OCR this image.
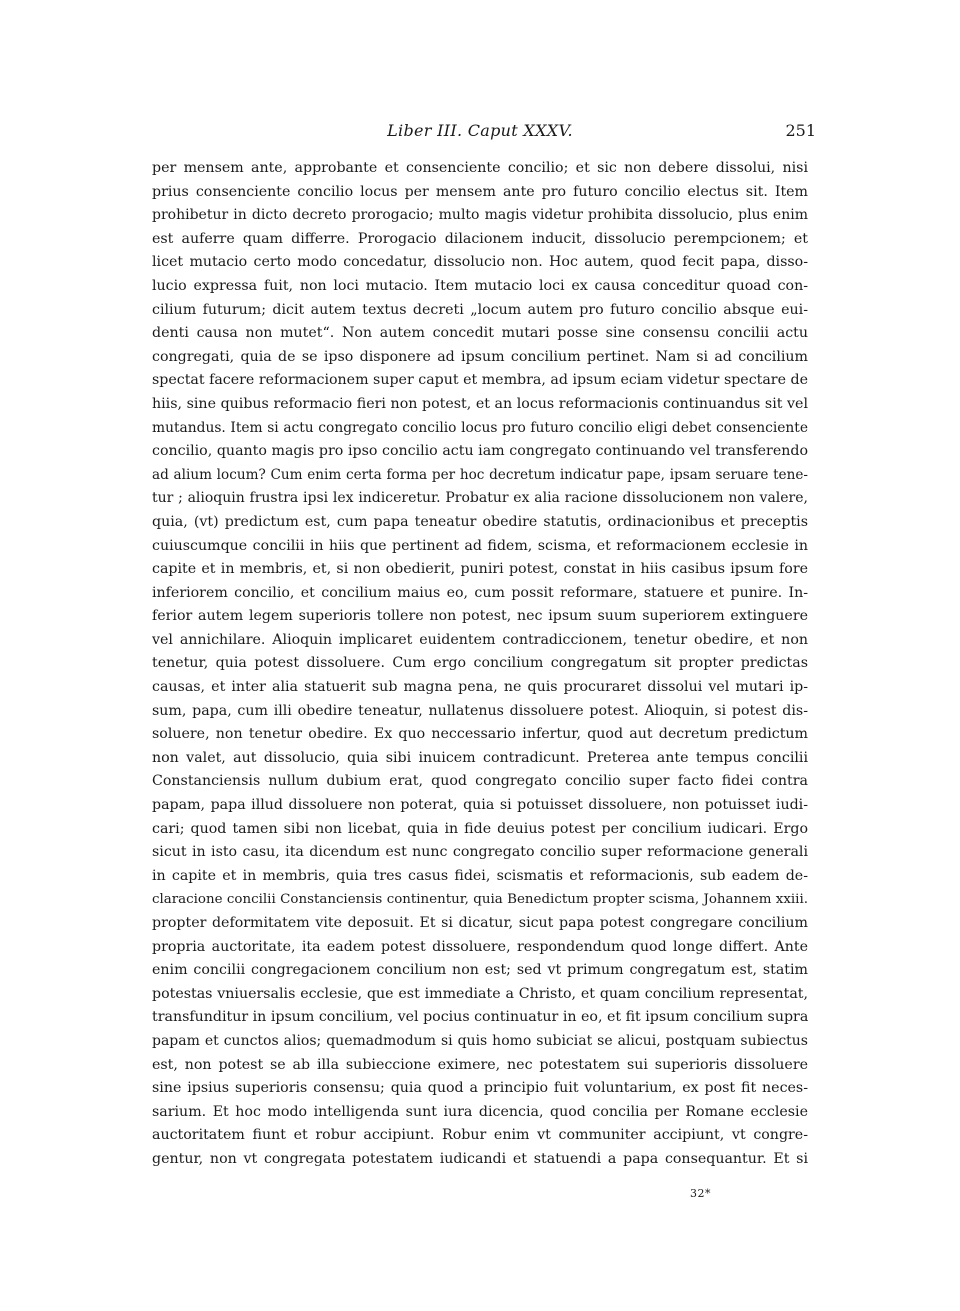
Liber III. Caput XXXV.	251
per mensem ante, approbante et consenciente concilio; et sic non debere dissolui, nisi
prius consenciente concilio locus per mensem ante pro futuro concilio electus sit. Item
prohibetur in dicto decreto prorogacio; multo magis videtur prohibita dissolucio, plus enim
est auferre quam differre. Prorogacio dilacionem inducit, dissolucio perempcionem; et
licet mutacio certo modo concedatur, dissolucio non. Hoc autem, quod fecit papa, disso-
lucio expressa fuit, non loci mutacio. Item mutacio loci ex causa conceditur quoad con-
cilium futurum; dicit autem textus decreti „locum autem pro futuro concilio absque eui-
denti causa non mutet“. Non autem concedit mutari posse sine consensu concilii actu
congregati, quia de se ipso disponere ad ipsum concilium pertinet. Nam si ad concilium
spectat facere reformacionem super caput et membra, ad ipsum eciam videtur spectare de
hiis, sine quibus reformacio fieri non potest, et an locus reformacionis continuandus sit vel
mutandus. Item si actu congregato concilio locus pro futuro concilio eligi debet consenciente
concilio, quanto magis pro ipso concilio actu iam congregato continuando vel transferendo
ad alium locum? Cum enim certa forma per hoc decretum indicatur pape, ipsam seruare tene-
tur ; alioquin frustra ipsi lex indiceretur. Probatur ex alia racione dissolucionem non valere,
quia, (vt) predictum est, cum papa teneatur obedire statutis, ordinacionibus et preceptis
cuiuscumque concilii in hiis que pertinent ad fidem, scisma, et reformacionem ecclesie in
capite et in membris, et, si non obedierit, puniri potest, constat in hiis casibus ipsum fore
inferiorem concilio, et concilium maius eo, cum possit reformare, statuere et punire. In-
ferior autem legem superioris tollere non potest, nec ipsum suum superiorem extinguere
vel annichilare. Alioquin implicaret euidentem contradiccionem, tenetur obedire, et non
tenetur, quia potest dissoluere. Cum ergo concilium congregatum sit propter predictas
causas, et inter alia statuerit sub magna pena, ne quis procuraret dissolui vel mutari ip-
sum, papa, cum illi obedire teneatur, nullatenus dissoluere potest. Alioquin, si potest dis-
soluere, non tenetur obedire. Ex quo neccessario infertur, quod aut decretum predictum
non valet, aut dissolucio, quia sibi inuicem contradicunt. Preterea ante tempus concilii
Constanciensis nullum dubium erat, quod congregato concilio super facto fidei contra
papam, papa illud dissoluere non poterat, quia si potuisset dissoluere, non potuisset iudi-
cari; quod tamen sibi non licebat, quia in fide deuius potest per concilium iudicari. Ergo
sicut in isto casu, ita dicendum est nunc congregato concilio super reformacione generali
in capite et in membris, quia tres casus fidei, scismatis et reformacionis, sub eadem de-
claracione concilii Constanciensis continentur, quia Benedictum propter scisma, Johannem xxiii.
propter deformitatem vite deposuit. Et si dicatur, sicut papa potest congregare concilium
propria auctoritate, ita eadem potest dissoluere, respondendum quod longe differt. Ante
enim concilii congregacionem concilium non est; sed vt primum congregatum est, statim
potestas vniuersalis ecclesie, que est immediate a Christo, et quam concilium representat,
transfunditur in ipsum concilium, vel pocius continuatur in eo, et fit ipsum concilium supra
papam et cunctos alios; quemadmodum si quis homo subiciat se alicui, postquam subiectus
est, non potest se ab illa subieccione eximere, nec potestatem sui superioris dissoluere
sine ipsius superioris consensu; quia quod a principio fuit voluntarium, ex post fit neces-
sarium. Et hoc modo intelligenda sunt iura dicencia, quod concilia per Romane ecclesie
auctoritatem fiunt et robur accipiunt. Robur enim vt communiter accipiunt, vt congre-
gentur, non vt congregata potestatem iudicandi et statuendi a papa consequantur. Et si
32*
